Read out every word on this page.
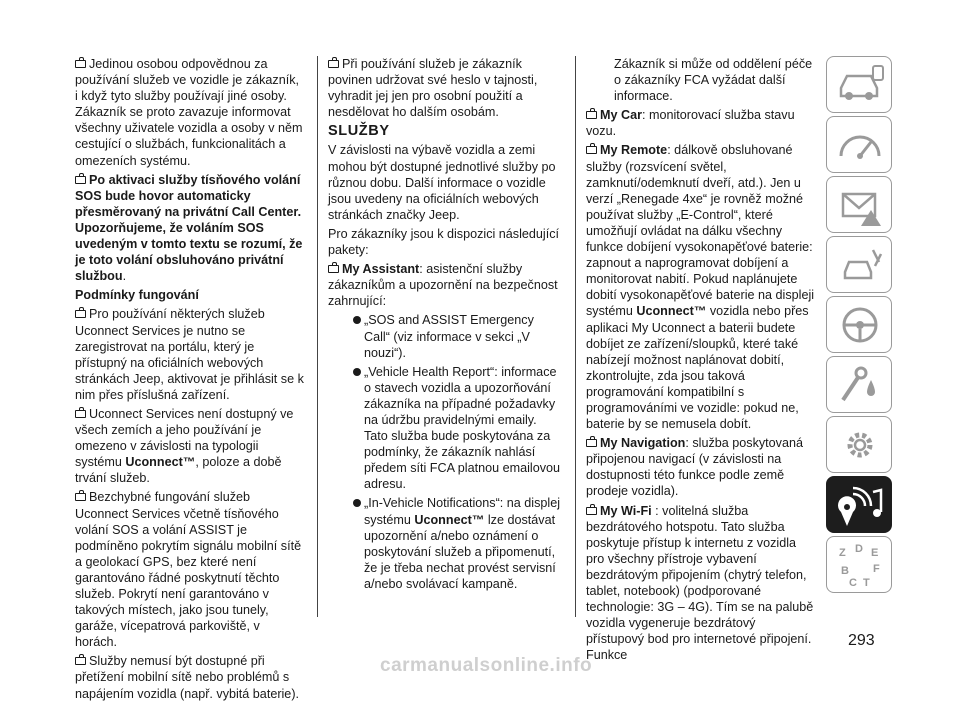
Jedinou osobou odpovědnou za používání služeb ve vozidle je zákazník, i když tyto služby používají jiné osoby. Zákazník se proto zavazuje informovat všechny uživatele vozidla a osoby v něm cestující o službách, funkcionalitách a omezeních systému.

Po aktivaci služby tísňového volání SOS bude hovor automaticky přesměrovaný na privátní Call Center. Upozorňujeme, že voláním SOS uvedeným v tomto textu se rozumí, že je toto volání obsluhováno privátní službou.

Podmínky fungování

Pro používání některých služeb Uconnect Services je nutno se zaregistrovat na portálu, který je přístupný na oficiálních webových stránkách Jeep, aktivovat je přihlásit se k nim přes příslušná zařízení.

Uconnect Services není dostupný ve všech zemích a jeho používání je omezeno v závislosti na typologii systému Uconnect™, poloze a době trvání služeb.

Bezchybné fungování služeb Uconnect Services včetně tísňového volání SOS a volání ASSIST je podmíněno pokrytím signálu mobilní sítě a geolokací GPS, bez které není garantováno řádné poskytnutí těchto služeb. Pokrytí není garantováno v takových místech, jako jsou tunely, garáže, vícepatrová parkoviště, v horách.

Služby nemusí být dostupné při přetížení mobilní sítě nebo problémů s napájením vozidla (např. vybitá baterie).

Při používání služeb je zákazník povinen udržovat své heslo v tajnosti, vyhradit jej jen pro osobní použití a nesdělovat ho dalším osobám.

SLUŽBY

V závislosti na výbavě vozidla a zemi mohou být dostupné jednotlivé služby po různou dobu. Další informace o vozidle jsou uvedeny na oficiálních webových stránkách značky Jeep.

Pro zákazníky jsou k dispozici následující pakety:

My Assistant: asistenční služby zákazníkům a upozornění na bezpečnost zahrnující:

„SOS and ASSIST Emergency Call“ (viz informace v sekci „V nouzi“).

„Vehicle Health Report“: informace o stavech vozidla a upozorňování zákazníka na případné požadavky na údržbu pravidelnými emaily. Tato služba bude poskytována za podmínky, že zákazník nahlásí předem síti FCA platnou emailovou adresu.

„In-Vehicle Notifications“: na displej systému Uconnect™ lze dostávat upozornění a/nebo oznámení o poskytování služeb a připomenutí, že je třeba nechat provést servisní a/nebo svolávací kampaně.

Zákazník si může od oddělení péče o zákazníky FCA vyžádat další informace.

My Car: monitorovací služba stavu vozu.

My Remote: dálkově obsluhované služby (rozsvícení světel, zamknutí/odemknutí dveří, atd.). Jen u verzí „Renegade 4xe“ je rovněž možné používat služby „E-Control“, které umožňují ovládat na dálku všechny funkce dobíjení vysokonapěťové baterie: zapnout a naprogramovat dobíjení a monitorovat nabití. Pokud naplánujete dobití vysokonapěťové baterie na displeji systému Uconnect™ vozidla nebo přes aplikaci My Uconnect a baterii budete dobíjet ze zařízení/sloupků, které také nabízejí možnost naplánovat dobití, zkontrolujte, zda jsou taková programování kompatibilní s programováními ve vozidle: pokud ne, baterie by se nemusela dobít.

My Navigation: služba poskytovaná připojenou navigací (v závislosti na dostupnosti této funkce podle země prodeje vozidla).

My Wi-Fi : volitelná služba bezdrátového hotspotu. Tato služba poskytuje přístup k internetu z vozidla pro všechny přístroje vybavení bezdrátovým připojením (chytrý telefon, tablet, notebook) (podporované technologie: 3G – 4G). Tím se na palubě vozidla vygeneruje bezdrátový přístupový bod pro internetové připojení. Funkce

Z D E
B F
C T
293
carmanualsonline.info
